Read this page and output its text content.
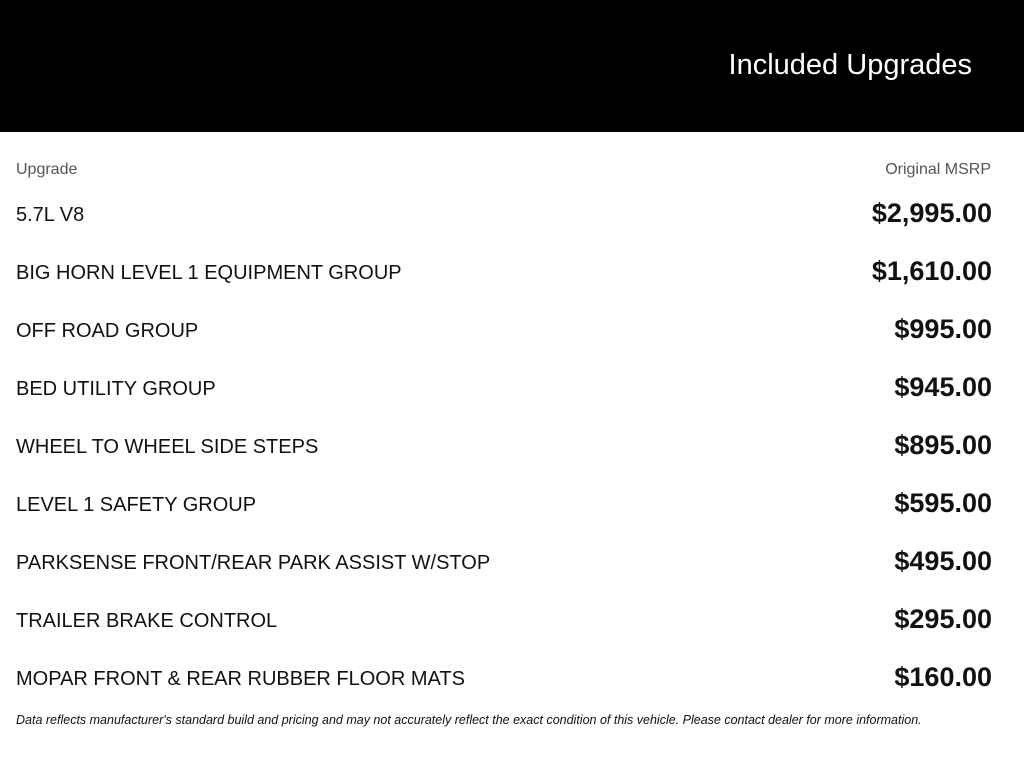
Included Upgrades
Upgrade	Original MSRP
5.7L V8	$2,995.00
BIG HORN LEVEL 1 EQUIPMENT GROUP	$1,610.00
OFF ROAD GROUP	$995.00
BED UTILITY GROUP	$945.00
WHEEL TO WHEEL SIDE STEPS	$895.00
LEVEL 1 SAFETY GROUP	$595.00
PARKSENSE FRONT/REAR PARK ASSIST W/STOP	$495.00
TRAILER BRAKE CONTROL	$295.00
MOPAR FRONT & REAR RUBBER FLOOR MATS	$160.00
Data reflects manufacturer's standard build and pricing and may not accurately reflect the exact condition of this vehicle. Please contact dealer for more information.
